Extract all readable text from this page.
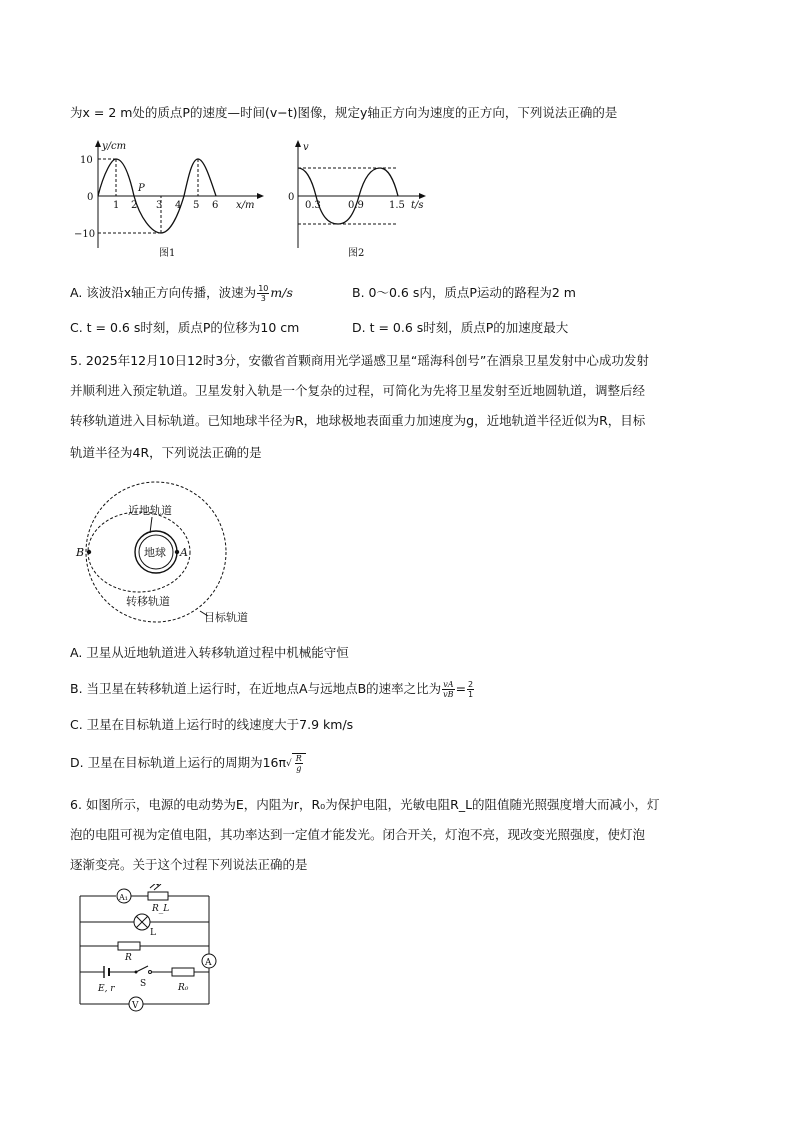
为x = 2 m处的质点P的速度—时间(v−t)图像，规定y轴正方向为速度的正方向，下列说法正确的是
y/cm
10
0
−10
1 2 3 4 5 6 x/m
P
图1
v
0
0.3	0.9	1.5 t/s
图2
A. 该波沿x轴正方向传播，波速为 $\frac{10}{3} m/s$	B. 0～0.6 s内，质点P运动的路程为2 m
C. t = 0.6 s时刻，质点P的位移为10 cm	D. t = 0.6 s时刻，质点P的加速度最大
5. 2025年12月10日12时3分，安徽省首颗商用光学遥感卫星“瑶海科创号”在酒泉卫星发射中心成功发射
并顺利进入预定轨道。卫星发射入轨是一个复杂的过程，可简化为先将卫星发射至近地圆轨道，调整后经
转移轨道进入目标轨道。已知地球半径为R，地球极地表面重力加速度为g，近地轨道半径近似为R，目标
轨道半径为4R，下列说法正确的是
近地轨道
地球 A
B
转移轨道
目标轨道
A. 卫星从近地轨道进入转移轨道过程中机械能守恒
B. 当卫星在转移轨道上运行时，在近地点A与远地点B的速率之比为 $\frac{vA}{vB} = \frac{2}{1}$
C. 卫星在目标轨道上运行时的线速度大于7.9 km/s
D. 卫星在目标轨道上运行的周期为$16\pi√ \frac{R}{g}$
6. 如图所示，电源的电动势为E，内阻为r，R₀为保护电阻，光敏电阻R_L的阻值随光照强度增大而减小，灯
泡的电阻可视为定值电阻，其功率达到一定值才能发光。闭合开关，灯泡不亮，现改变光照强度，使灯泡
逐渐变亮。关于这个过程下列说法正确的是
A₁
R_L
L
R	A
E, r	S	R₀
V
